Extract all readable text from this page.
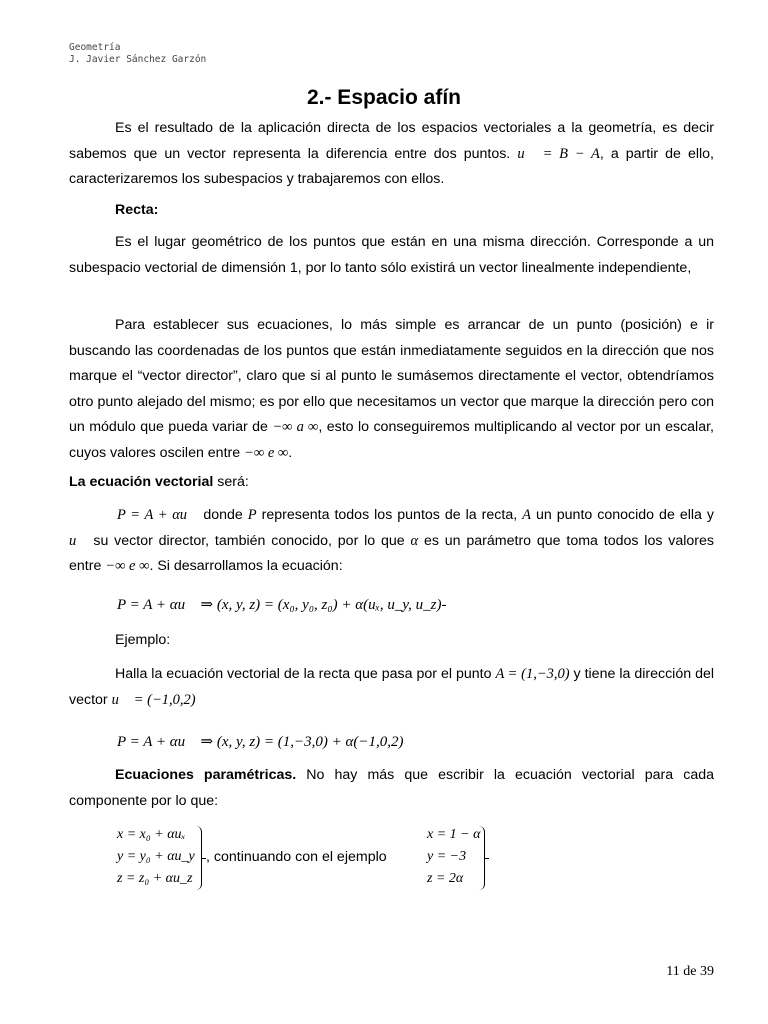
Geometría
J. Javier Sánchez Garzón
2.- Espacio afín
Es el resultado de la aplicación directa de los espacios vectoriales a la geometría, es decir sabemos que un vector representa la diferencia entre dos puntos. u⃗ = B − A, a partir de ello, caracterizaremos los subespacios y trabajaremos con ellos.
Recta:
Es el lugar geométrico de los puntos que están en una misma dirección. Corresponde a un subespacio vectorial de dimensión 1, por lo tanto sólo existirá un vector linealmente independiente,
Para establecer sus ecuaciones, lo más simple es arrancar de un punto (posición) e ir buscando las coordenadas de los puntos que están inmediatamente seguidos en la dirección que nos marque el “vector director”, claro que si al punto le sumásemos directamente el vector, obtendríamos otro punto alejado del mismo; es por ello que necesitamos un vector que marque la dirección pero con un módulo que pueda variar de −∞ a ∞, esto lo conseguiremos multiplicando al vector por un escalar, cuyos valores oscilen entre −∞ e ∞.
La ecuación vectorial será:
P = A + αu⃗ donde P representa todos los puntos de la recta, A un punto conocido de ella y u⃗ su vector director, también conocido, por lo que α es un parámetro que toma todos los valores entre −∞ e ∞. Si desarrollamos la ecuación:
P = A + αu⃗ ⇒ (x, y, z) = (x₀, y₀, z₀) + α(uₓ, u_y, u_z)-
Ejemplo:
Halla la ecuación vectorial de la recta que pasa por el punto A = (1,−3,0) y tiene la dirección del vector u⃗ = (−1,0,2)
P = A + αu⃗ ⇒ (x, y, z) = (1,−3,0) + α(−1,0,2)
Ecuaciones paramétricas. No hay más que escribir la ecuación vectorial para cada componente por lo que:
x = x₀ + αuₓ
y = y₀ + αu_y
z = z₀ + αu_z
, continuando con el ejemplo
x = 1 − α
y = −3
z = 2α
11 de 39
